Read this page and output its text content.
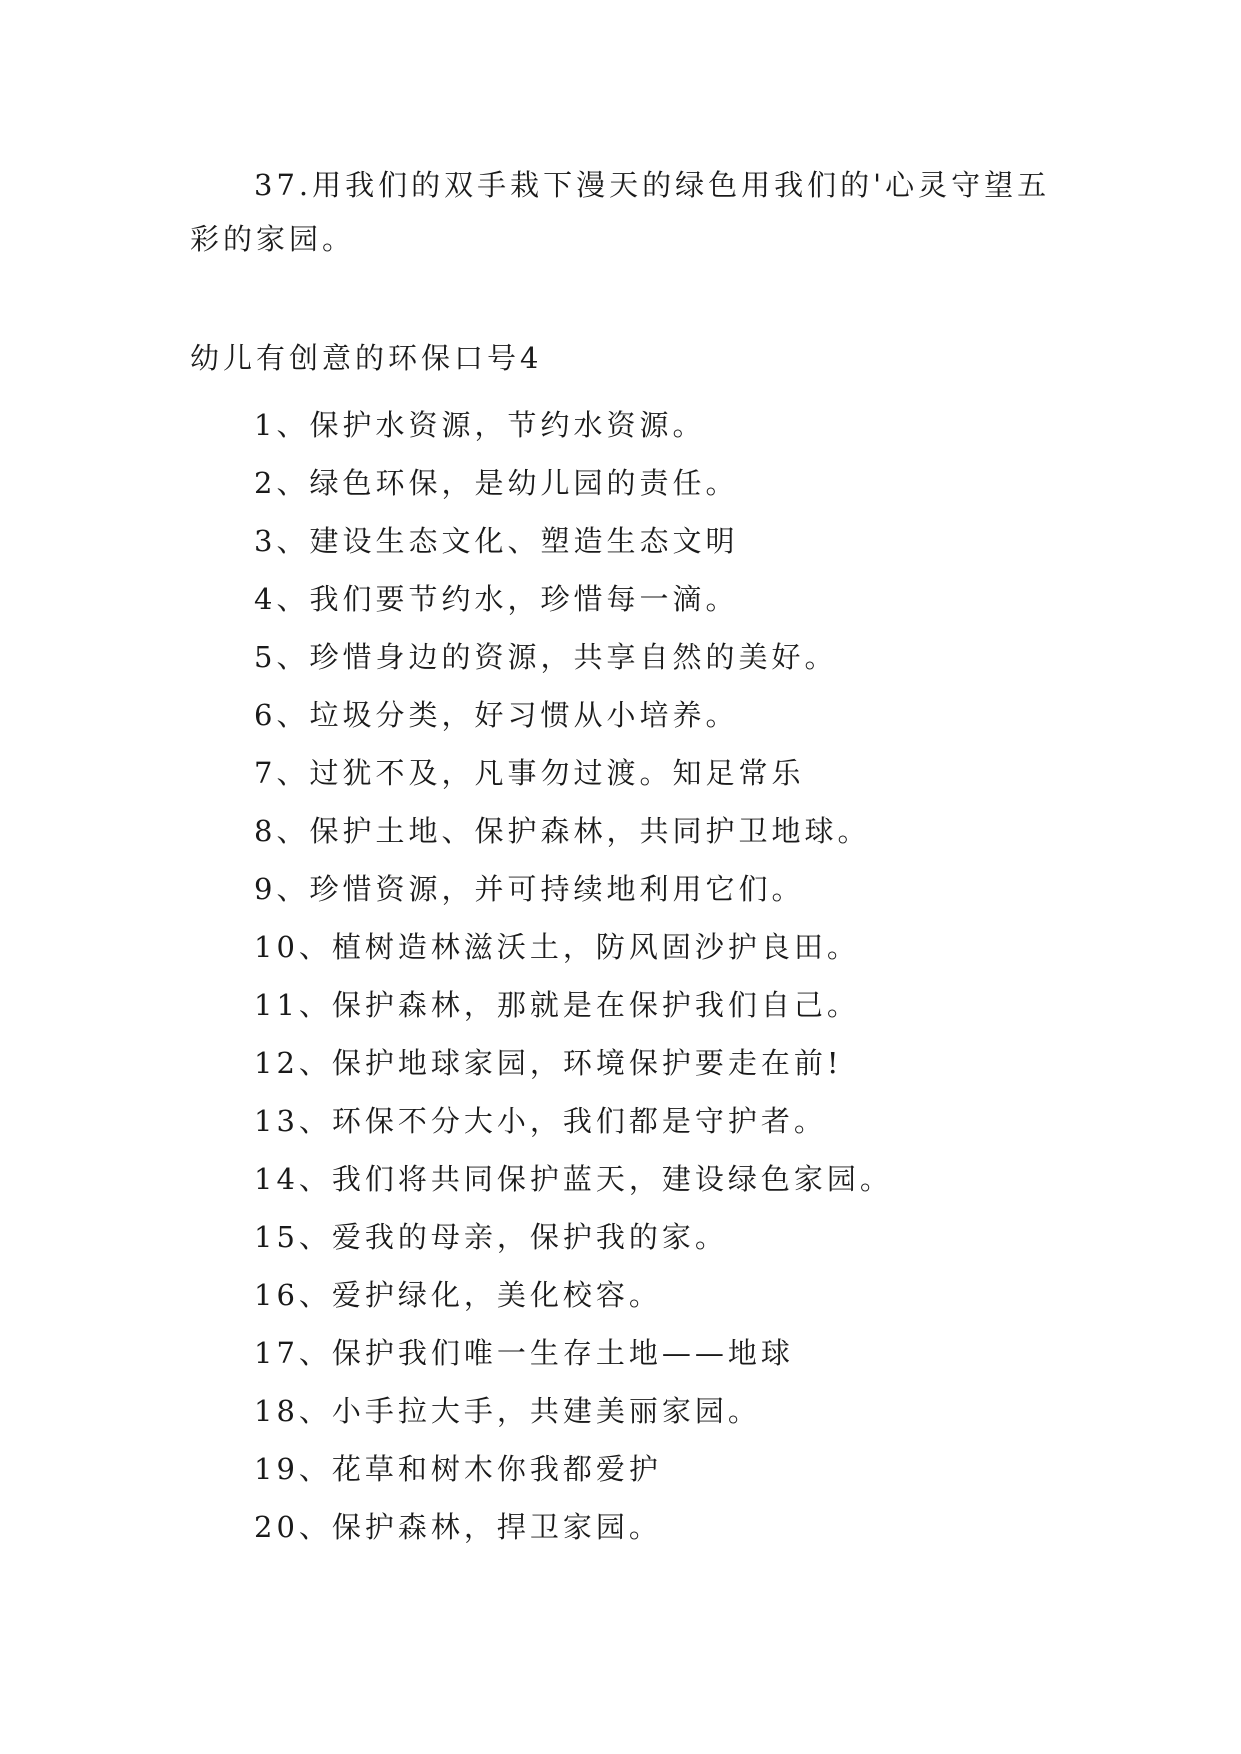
37.用我们的双手栽下漫天的绿色用我们的'心灵守望五彩的家园。

幼儿有创意的环保口号4
1、保护水资源，节约水资源。
2、绿色环保，是幼儿园的责任。
3、建设生态文化、塑造生态文明
4、我们要节约水，珍惜每一滴。
5、珍惜身边的资源，共享自然的美好。
6、垃圾分类，好习惯从小培养。
7、过犹不及，凡事勿过渡。知足常乐
8、保护土地、保护森林，共同护卫地球。
9、珍惜资源，并可持续地利用它们。
10、植树造林滋沃土，防风固沙护良田。
11、保护森林，那就是在保护我们自己。
12、保护地球家园，环境保护要走在前!
13、环保不分大小，我们都是守护者。
14、我们将共同保护蓝天，建设绿色家园。
15、爱我的母亲，保护我的家。
16、爱护绿化，美化校容。
17、保护我们唯一生存土地——地球
18、小手拉大手，共建美丽家园。
19、花草和树木你我都爱护
20、保护森林，捍卫家园。
